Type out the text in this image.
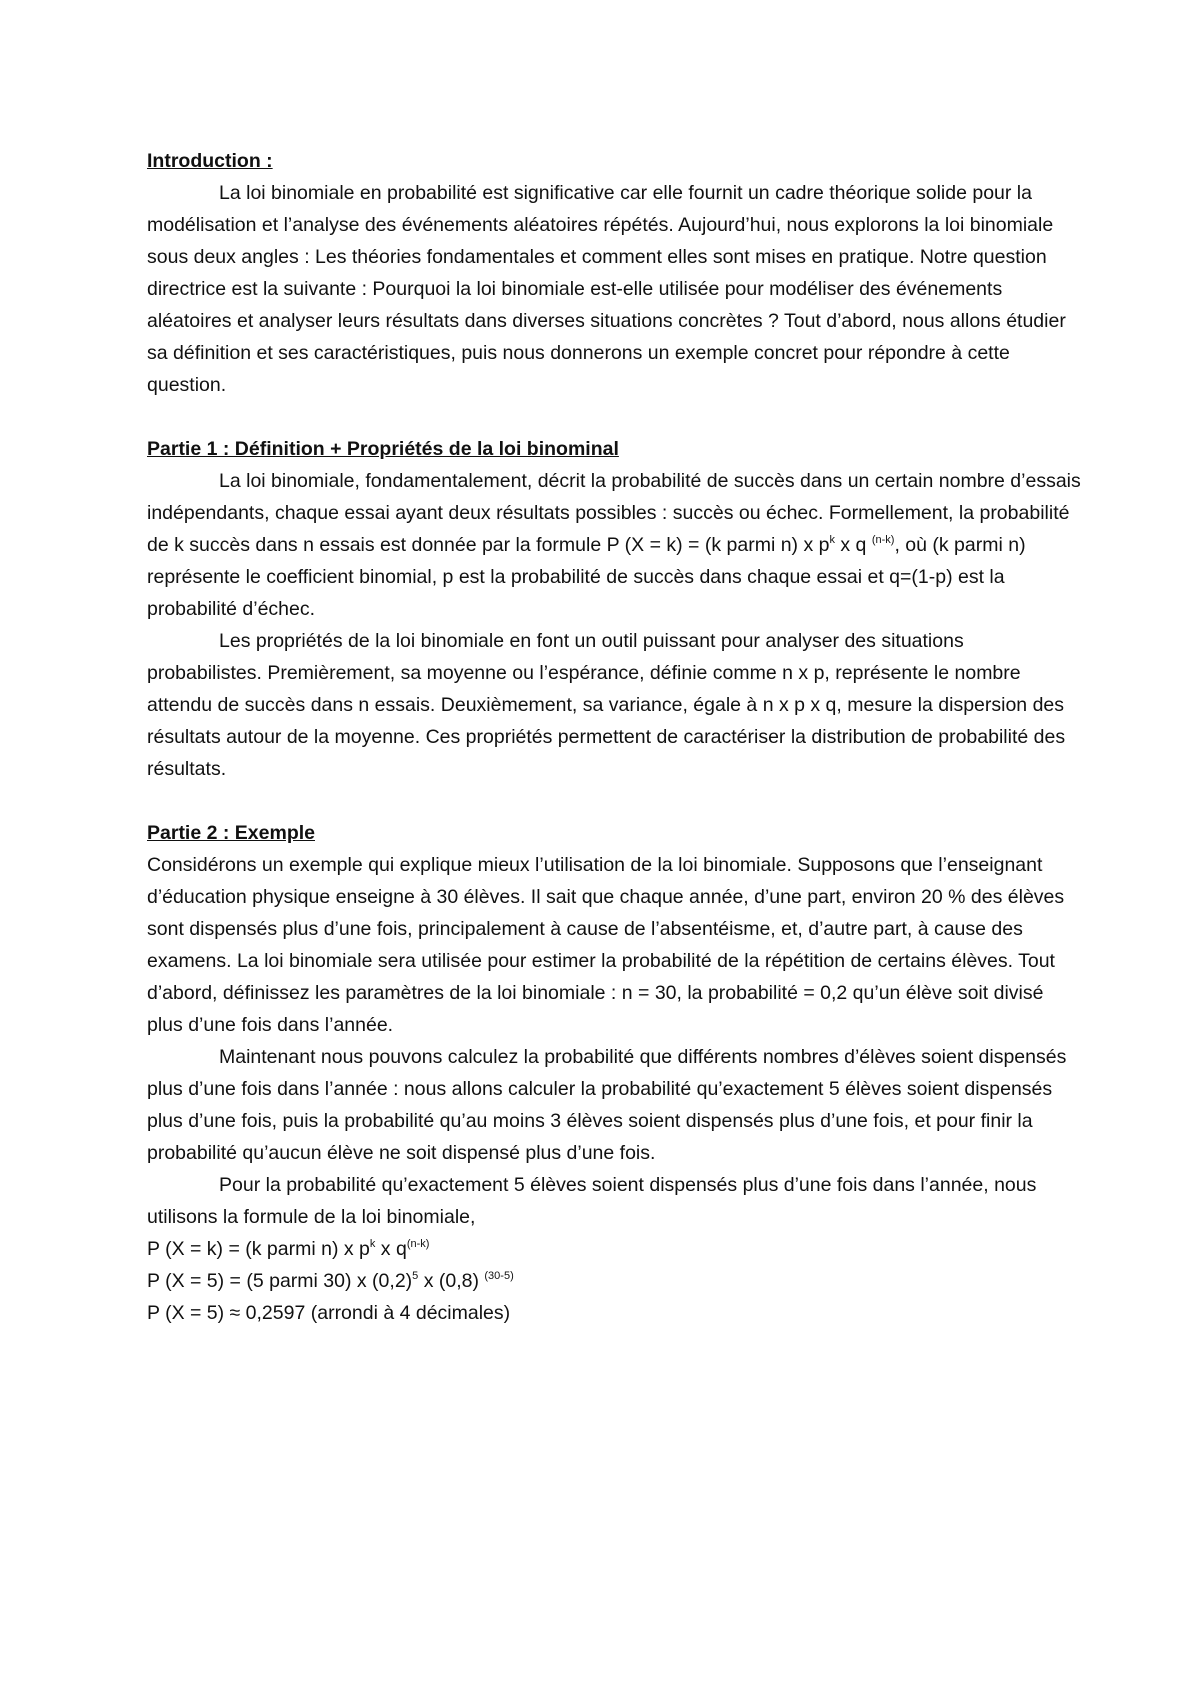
Introduction :

La loi binomiale en probabilité est significative car elle fournit un cadre théorique solide pour la modélisation et l’analyse des événements aléatoires répétés. Aujourd’hui, nous explorons la loi binomiale sous deux angles : Les théories fondamentales et comment elles sont mises en pratique. Notre question directrice est la suivante : Pourquoi la loi binomiale est-elle utilisée pour modéliser des événements aléatoires et analyser leurs résultats dans diverses situations concrètes ? Tout d’abord, nous allons étudier sa définition et ses caractéristiques, puis nous donnerons un exemple concret pour répondre à cette question.

Partie 1 : Définition + Propriétés de la loi binominal

La loi binomiale, fondamentalement, décrit la probabilité de succès dans un certain nombre d’essais indépendants, chaque essai ayant deux résultats possibles : succès ou échec. Formellement, la probabilité de k succès dans n essais est donnée par la formule P (X = k) = (k parmi n) x $p^k$ x q $^{(n-k)}$, où (k parmi n) représente le coefficient binomial, p est la probabilité de succès dans chaque essai et q=(1-p) est la probabilité d’échec.

Les propriétés de la loi binomiale en font un outil puissant pour analyser des situations probabilistes. Premièrement, sa moyenne ou l’espérance, définie comme n x p, représente le nombre attendu de succès dans n essais. Deuxièmement, sa variance, égale à n x p x q, mesure la dispersion des résultats autour de la moyenne. Ces propriétés permettent de caractériser la distribution de probabilité des résultats.

Partie 2 : Exemple

Considérons un exemple qui explique mieux l’utilisation de la loi binomiale. Supposons que l’enseignant d’éducation physique enseigne à 30 élèves. Il sait que chaque année, d’une part, environ 20 % des élèves sont dispensés plus d’une fois, principalement à cause de l’absentéisme, et, d’autre part, à cause des examens. La loi binomiale sera utilisée pour estimer la probabilité de la répétition de certains élèves. Tout d’abord, définissez les paramètres de la loi binomiale : n = 30, la probabilité = 0,2 qu’un élève soit divisé plus d’une fois dans l’année.

Maintenant nous pouvons calculez la probabilité que différents nombres d’élèves soient dispensés plus d’une fois dans l’année : nous allons calculer la probabilité qu’exactement 5 élèves soient dispensés plus d’une fois, puis la probabilité qu’au moins 3 élèves soient dispensés plus d’une fois, et pour finir la probabilité qu’aucun élève ne soit dispensé plus d’une fois.

Pour la probabilité qu’exactement 5 élèves soient dispensés plus d’une fois dans l’année, nous utilisons la formule de la loi binomiale,

P (X = k) = (k parmi n) x $p^k$ x $q^{(n-k)}$
P (X = 5) = (5 parmi 30) x $(0,2)^5$ x (0,8) $^{(30-5)}$
P (X = 5) ≈ 0,2597 (arrondi à 4 décimales)
